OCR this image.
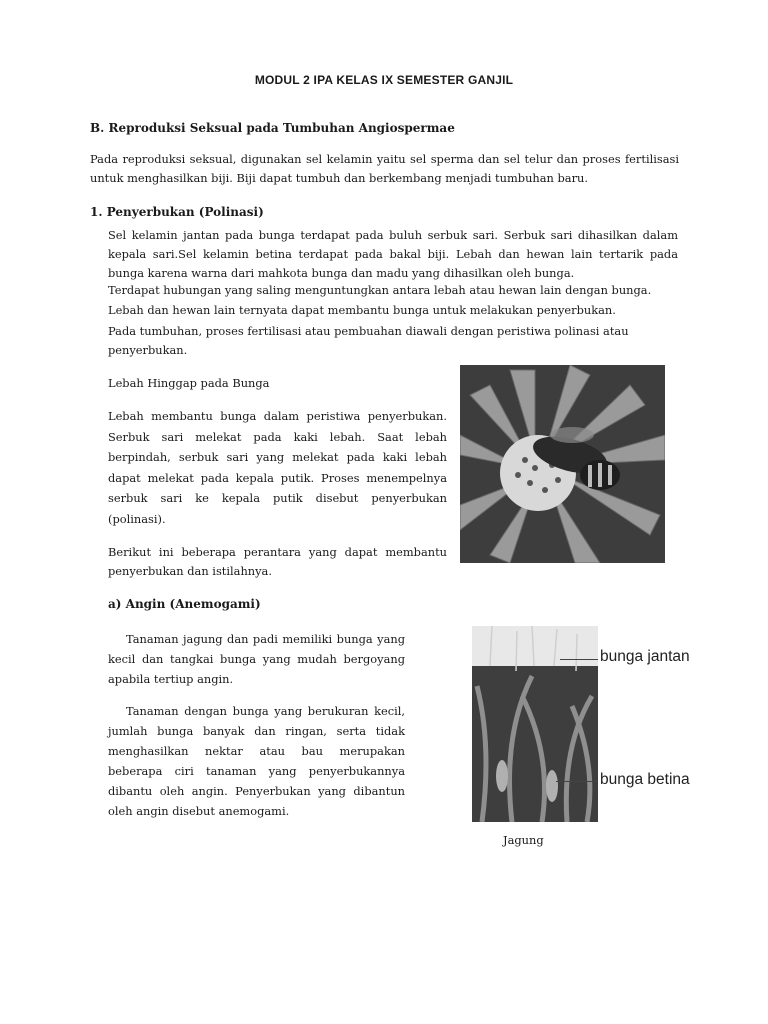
MODUL 2 IPA KELAS IX SEMESTER GANJIL
B. Reproduksi Seksual pada Tumbuhan Angiospermae

Pada reproduksi seksual, digunakan sel kelamin yaitu sel sperma dan sel telur dan proses fertilisasi untuk menghasilkan biji. Biji dapat tumbuh dan berkembang menjadi tumbuhan baru.

1. Penyerbukan (Polinasi)

Sel kelamin jantan pada bunga terdapat pada buluh serbuk sari. Serbuk sari dihasilkan dalam kepala sari.Sel kelamin betina terdapat pada bakal biji. Lebah dan hewan lain tertarik pada bunga karena warna dari mahkota bunga dan madu yang dihasilkan oleh bunga.

Terdapat hubungan yang saling menguntungkan antara lebah atau hewan lain dengan bunga.
Lebah dan hewan lain ternyata dapat membantu bunga untuk melakukan penyerbukan.

Pada tumbuhan, proses fertilisasi atau pembuahan diawali dengan peristiwa polinasi atau penyerbukan.

Lebah Hinggap pada Bunga

Lebah membantu bunga dalam peristiwa penyerbukan. Serbuk sari melekat pada kaki lebah. Saat lebah berpindah, serbuk sari yang melekat pada kaki lebah dapat melekat pada kepala putik. Proses menempelnya serbuk sari ke kepala putik disebut penyerbukan (polinasi).

Berikut ini beberapa perantara yang dapat membantu penyerbukan dan istilahnya.

a) Angin (Anemogami)

Tanaman jagung dan padi memiliki bunga yang kecil dan tangkai bunga yang mudah bergoyang apabila tertiup angin.

Tanaman dengan bunga yang berukuran kecil, jumlah bunga banyak dan ringan, serta tidak menghasilkan nektar atau bau merupakan beberapa ciri tanaman yang penyerbukannya dibantu oleh angin. Penyerbukan yang dibantun oleh angin disebut anemogami.

bunga jantan
bunga betina
Jagung
